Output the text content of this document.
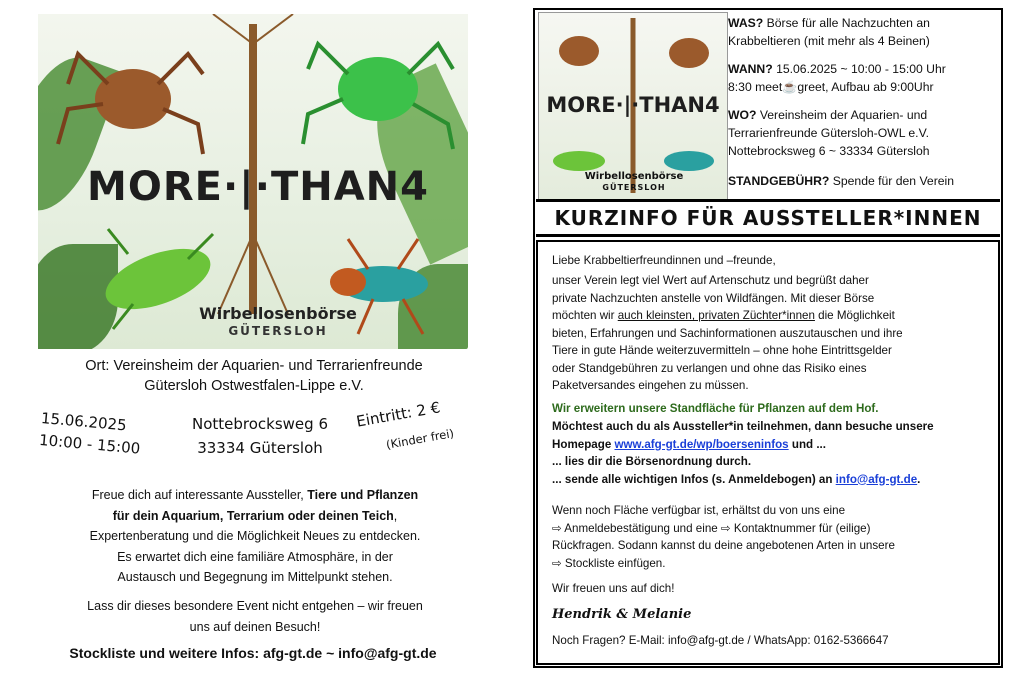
MORE·|·THAN4
Wirbellosenbörse
GÜTERSLOH
Ort: Vereinsheim der Aquarien- und Terrarienfreunde
Gütersloh Ostwestfalen-Lippe e.V.
15.06.2025
10:00 - 15:00
Nottebrocksweg 6
33334 Gütersloh
Eintritt: 2 €
(Kinder frei)
Freue dich auf interessante Aussteller, Tiere und Pflanzen
für dein Aquarium, Terrarium oder deinen Teich,
Expertenberatung und die Möglichkeit Neues zu entdecken.
Es erwartet dich eine familiäre Atmosphäre, in der
Austausch und Begegnung im Mittelpunkt stehen.
Lass dir dieses besondere Event nicht entgehen – wir freuen
uns auf deinen Besuch!
Stockliste und weitere Infos: afg-gt.de ~ info@afg-gt.de
MORE·|·THAN4
Wirbellosenbörse
GÜTERSLOH
WAS? Börse für alle Nachzuchten an
Krabbeltieren (mit mehr als 4 Beinen)
WANN? 15.06.2025 ~ 10:00 - 15:00 Uhr
8:30 meet☕greet, Aufbau ab 9:00Uhr
WO? Vereinsheim der Aquarien- und
Terrarienfreunde Gütersloh-OWL e.V.
Nottebrocksweg 6 ~ 33334 Gütersloh
STANDGEBÜHR? Spende für den Verein
KURZINFO FÜR AUSSTELLER*INNEN
Liebe Krabbeltierfreundinnen und –freunde,
unser Verein legt viel Wert auf Artenschutz und begrüßt daher
private Nachzuchten anstelle von Wildfängen. Mit dieser Börse
möchten wir auch kleinsten, privaten Züchter*innen die Möglichkeit
bieten, Erfahrungen und Sachinformationen auszutauschen und ihre
Tiere in gute Hände weiterzuvermitteln – ohne hohe Eintrittsgelder
oder Standgebühren zu verlangen und ohne das Risiko eines
Paketversandes eingehen zu müssen.
Wir erweitern unsere Standfläche für Pflanzen auf dem Hof.
Möchtest auch du als Aussteller*in teilnehmen, dann besuche unsere
Homepage www.afg-gt.de/wp/boerseninfos und ...
... lies dir die Börsenordnung durch.
... sende alle wichtigen Infos (s. Anmeldebogen) an info@afg-gt.de.
Wenn noch Fläche verfügbar ist, erhältst du von uns eine
⇨ Anmeldebestätigung und eine ⇨ Kontaktnummer für (eilige)
Rückfragen. Sodann kannst du deine angebotenen Arten in unsere
⇨ Stockliste einfügen.
Wir freuen uns auf dich!
Hendrik & Melanie
Noch Fragen? E-Mail: info@afg-gt.de / WhatsApp: 0162-5366647
